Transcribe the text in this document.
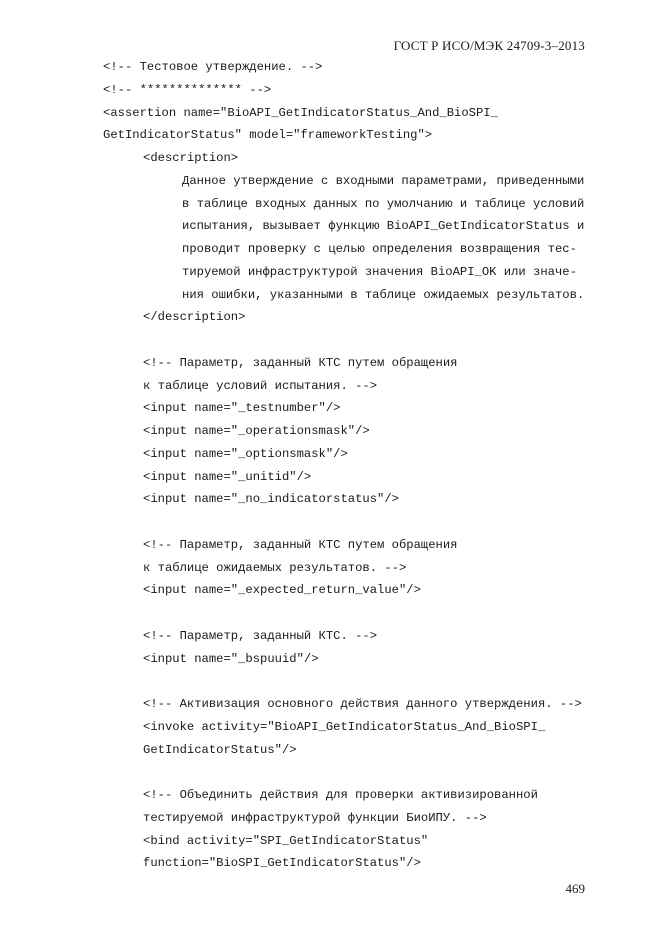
ГОСТ Р ИСО/МЭК 24709-3–2013
<!-- Тестовое утверждение. -->
<!-- ************** -->
<assertion name="BioAPI_GetIndicatorStatus_And_BioSPI_
GetIndicatorStatus" model="frameworkTesting">
<description>
Данное утверждение с входными параметрами, приведенными
в таблице входных данных по умолчанию и таблице условий
испытания, вызывает функцию BioAPI_GetIndicatorStatus и
проводит проверку с целью определения возвращения тес-
тируемой инфраструктурой значения BioAPI_OK или значе-
ния ошибки, указанными в таблице ожидаемых результатов.
</description>
<!-- Параметр, заданный КТС путем обращения
к таблице условий испытания. -->
<input name="_testnumber"/>
<input name="_operationsmask"/>
<input name="_optionsmask"/>
<input name="_unitid"/>
<input name="_no_indicatorstatus"/>
<!-- Параметр, заданный КТС путем обращения
к таблице ожидаемых результатов. -->
<input name="_expected_return_value"/>
<!-- Параметр, заданный КТС. -->
<input name="_bspuuid"/>
<!-- Активизация основного действия данного утверждения. -->
<invoke activity="BioAPI_GetIndicatorStatus_And_BioSPI_
GetIndicatorStatus"/>
<!-- Объединить действия для проверки активизированной
тестируемой инфраструктурой функции БиоИПУ. -->
<bind activity="SPI_GetIndicatorStatus"
function="BioSPI_GetIndicatorStatus"/>
469
